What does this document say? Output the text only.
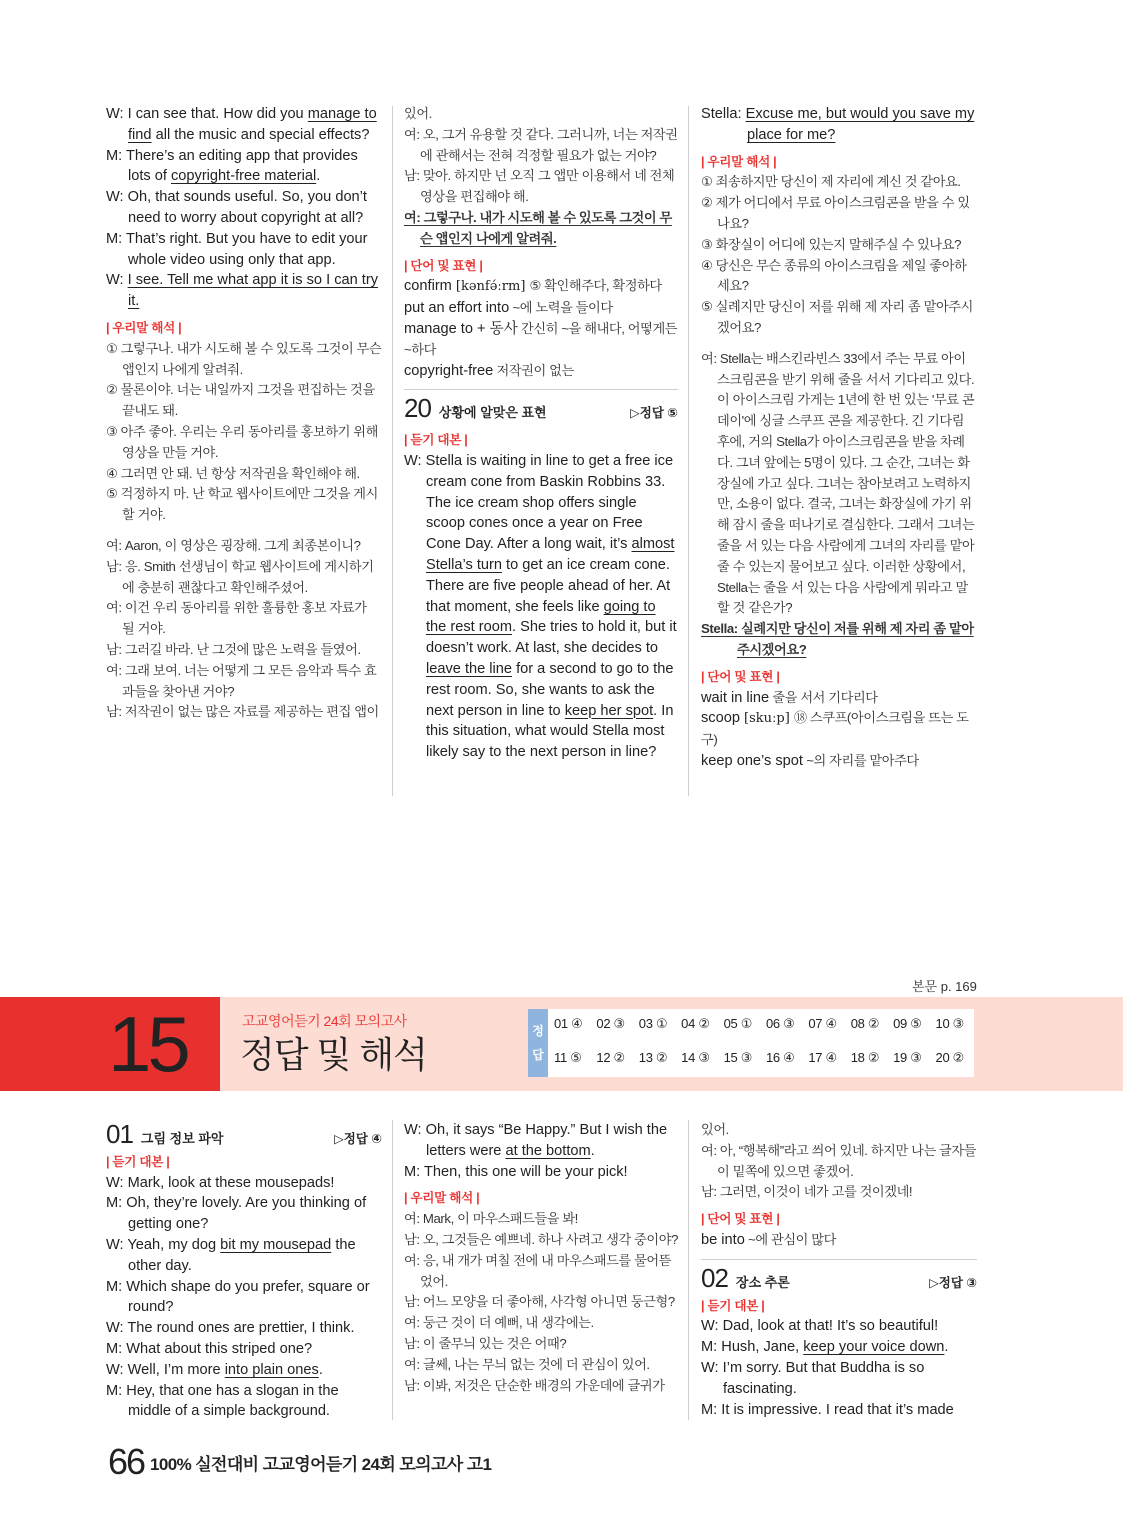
W: I can see that. How did you manage to find all the music and special effects?
M: There’s an editing app that provides lots of copyright-free material.
W: Oh, that sounds useful. So, you don’t need to worry about copyright at all?
M: That’s right. But you have to edit your whole video using only that app.
W: I see. Tell me what app it is so I can try it.
| 우리말 해석 |
① 그렇구나. 내가 시도해 볼 수 있도록 그것이 무슨 앱인지 나에게 알려줘.
② 물론이야. 너는 내일까지 그것을 편집하는 것을 끝내도 돼.
③ 아주 좋아. 우리는 우리 동아리를 홍보하기 위해 영상을 만들 거야.
④ 그러면 안 돼. 넌 항상 저작권을 확인해야 해.
⑤ 걱정하지 마. 난 학교 웹사이트에만 그것을 게시할 거야.
여: Aaron, 이 영상은 굉장해. 그게 최종본이니?
남: 응. Smith 선생님이 학교 웹사이트에 게시하기에 충분히 괜찮다고 확인해주셨어.
여: 이건 우리 동아리를 위한 훌륭한 홍보 자료가 될 거야.
남: 그러길 바라. 난 그것에 많은 노력을 들였어.
여: 그래 보여. 너는 어떻게 그 모든 음악과 특수 효과들을 찾아낸 거야?
남: 저작권이 없는 많은 자료를 제공하는 편집 앱이
있어.
여: 오, 그거 유용할 것 같다. 그러니까, 너는 저작권에 관해서는 전혀 걱정할 필요가 없는 거야?
남: 맞아. 하지만 넌 오직 그 앱만 이용해서 네 전체 영상을 편집해야 해.
여: 그렇구나. 내가 시도해 볼 수 있도록 그것이 무슨 앱인지 나에게 알려줘.
| 단어 및 표현 |
confirm [kənfə́ːrm] ⑤ 확인해주다, 확정하다
put an effort into ~에 노력을 들이다
manage to + 동사 간신히 ~을 해내다, 어떻게든 ~하다
copyright-free 저작권이 없는
20 상황에 알맞은 표현	▷정답 ⑤
| 듣기 대본 |
W: Stella is waiting in line to get a free ice cream cone from Baskin Robbins 33. The ice cream shop offers single scoop cones once a year on Free Cone Day. After a long wait, it’s almost Stella’s turn to get an ice cream cone. There are five people ahead of her. At that moment, she feels like going to the rest room. She tries to hold it, but it doesn’t work. At last, she decides to leave the line for a second to go to the rest room. So, she wants to ask the next person in line to keep her spot. In this situation, what would Stella most likely say to the next person in line?
Stella: Excuse me, but would you save my place for me?
| 우리말 해석 |
① 죄송하지만 당신이 제 자리에 계신 것 같아요.
② 제가 어디에서 무료 아이스크림콘을 받을 수 있나요?
③ 화장실이 어디에 있는지 말해주실 수 있나요?
④ 당신은 무슨 종류의 아이스크림을 제일 좋아하세요?
⑤ 실례지만 당신이 저를 위해 제 자리 좀 맡아주시겠어요?
여: Stella는 배스킨라빈스 33에서 주는 무료 아이스크림콘을 받기 위해 줄을 서서 기다리고 있다. 이 아이스크림 가게는 1년에 한 번 있는 '무료 콘 데이'에 싱글 스쿠프 콘을 제공한다. 긴 기다림 후에, 거의 Stella가 아이스크림콘을 받을 차례다. 그녀 앞에는 5명이 있다. 그 순간, 그녀는 화장실에 가고 싶다. 그녀는 참아보려고 노력하지만, 소용이 없다. 결국, 그녀는 화장실에 가기 위해 잠시 줄을 떠나기로 결심한다. 그래서 그녀는 줄을 서 있는 다음 사람에게 그녀의 자리를 맡아줄 수 있는지 물어보고 싶다. 이러한 상황에서, Stella는 줄을 서 있는 다음 사람에게 뭐라고 말할 것 같은가?
Stella: 실례지만 당신이 저를 위해 제 자리 좀 맡아주시겠어요?
| 단어 및 표현 |
wait in line 줄을 서서 기다리다
scoop [skuːp] ⑱ 스쿠프(아이스크림을 뜨는 도구)
keep one’s spot ~의 자리를 맡아주다
본문 p. 169
15	고교영어듣기 24회 모의고사
정답 및 해석
정답
01 ④	02 ③	03 ①	04 ②	05 ①	06 ③	07 ④	08 ②	09 ⑤	10 ③
11 ⑤	12 ②	13 ②	14 ③	15 ③	16 ④	17 ④	18 ②	19 ③	20 ②
01 그림 정보 파악	▷정답 ④
| 듣기 대본 |
W: Mark, look at these mousepads!
M: Oh, they’re lovely. Are you thinking of getting one?
W: Yeah, my dog bit my mousepad the other day.
M: Which shape do you prefer, square or round?
W: The round ones are prettier, I think.
M: What about this striped one?
W: Well, I’m more into plain ones.
M: Hey, that one has a slogan in the middle of a simple background.
W: Oh, it says “Be Happy.” But I wish the letters were at the bottom.
M: Then, this one will be your pick!
| 우리말 해석 |
여: Mark, 이 마우스패드들을 봐!
남: 오, 그것들은 예쁘네. 하나 사려고 생각 중이야?
여: 응, 내 개가 며칠 전에 내 마우스패드를 물어뜯었어.
남: 어느 모양을 더 좋아해, 사각형 아니면 둥근형?
여: 둥근 것이 더 예뻐, 내 생각에는.
남: 이 줄무늬 있는 것은 어때?
여: 글쎄, 나는 무늬 없는 것에 더 관심이 있어.
남: 이봐, 저것은 단순한 배경의 가운데에 글귀가
있어.
여: 아, “행복해”라고 씌어 있네. 하지만 나는 글자들이 밑쪽에 있으면 좋겠어.
남: 그러면, 이것이 네가 고를 것이겠네!
| 단어 및 표현 |
be into ~에 관심이 많다
02 장소 추론	▷정답 ③
| 듣기 대본 |
W: Dad, look at that! It’s so beautiful!
M: Hush, Jane, keep your voice down.
W: I’m sorry. But that Buddha is so fascinating.
M: It is impressive. I read that it’s made
66 100% 실전대비 고교영어듣기 24회 모의고사 고1
